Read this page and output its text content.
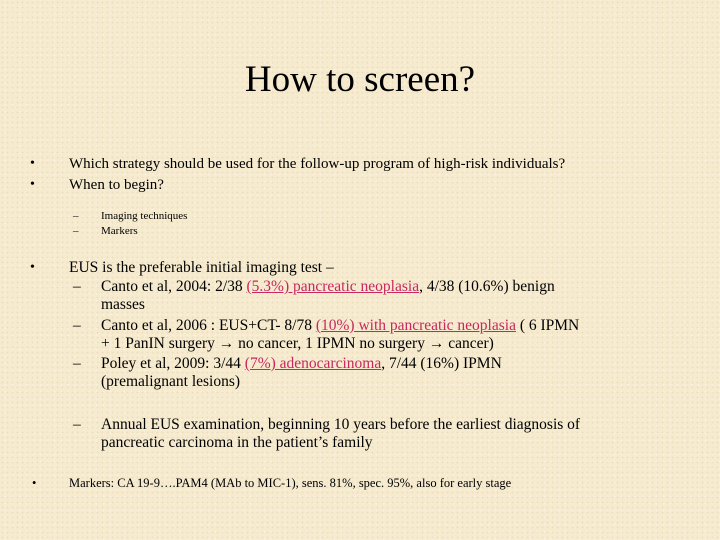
How to screen?
• Which strategy should be used for the follow-up program of high-risk individuals?
• When to begin?
– Imaging techniques
– Markers
• EUS is the preferable initial imaging test –
– Canto et al, 2004: 2/38 (5.3%) pancreatic neoplasia, 4/38 (10.6%) benign
masses
– Canto et al, 2006 : EUS+CT- 8/78 (10%) with pancreatic neoplasia ( 6 IPMN
+ 1 PanIN surgery → no cancer, 1 IPMN no surgery → cancer)
– Poley et al, 2009: 3/44 (7%) adenocarcinoma, 7/44 (16%) IPMN
(premalignant lesions)
– Annual EUS examination, beginning 10 years before the earliest diagnosis of
pancreatic carcinoma in the patient’s family
•	Markers: CA 19-9….PAM4 (MAb to MIC-1), sens. 81%, spec. 95%, also for early stage
